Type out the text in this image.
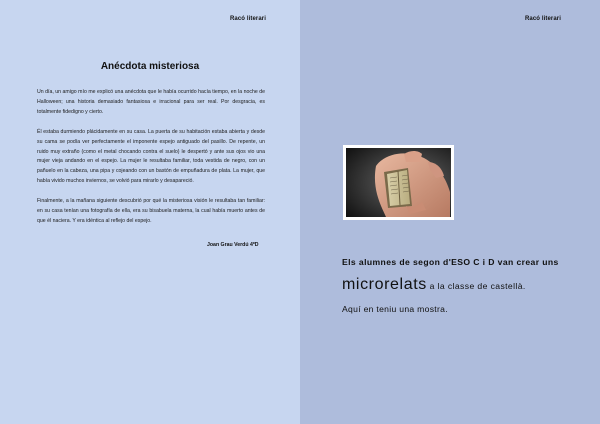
Racó literari
Anécdota misteriosa

Un día, un amigo mío me explicó una anécdota que le había ocurrido hacía tiempo, en la noche de Halloween; una historia demasiado fantasiosa e irracional para ser real. Por desgracia, es totalmente fidedigno y cierto.

Él estaba durmiendo plácidamente en su casa. La puerta de su habitación estaba abierta y desde su cama se podía ver perfectamente el imponente espejo antiguado del pasillo. De repente, un ruido muy extraño (como el metal chocando contra el suelo) le despertó y ante sus ojos vio una mujer vieja andando en el espejo. La mujer le resultaba familiar, toda vestida de negro, con un pañuelo en la cabeza, una pipa y cojeando con un bastón de empuñadura de plata. La mujer, que había vivido muchos inviernos, se volvió para mirarlo y desapareció.

Finalmente, a la mañana siguiente descubrió por qué la misteriosa visión le resultaba tan familiar: en su casa tenían una fotografía de ella, era su bisabuela materna, la cual había muerto antes de que él naciera. Y era idéntica al reflejo del espejo.

Joan Grau Verdú 4ºD
Racó literari
Els alumnes de segon d'ESO C i D van crear uns
microrelats a la classe de castellà.
Aquí en teniu una mostra.
